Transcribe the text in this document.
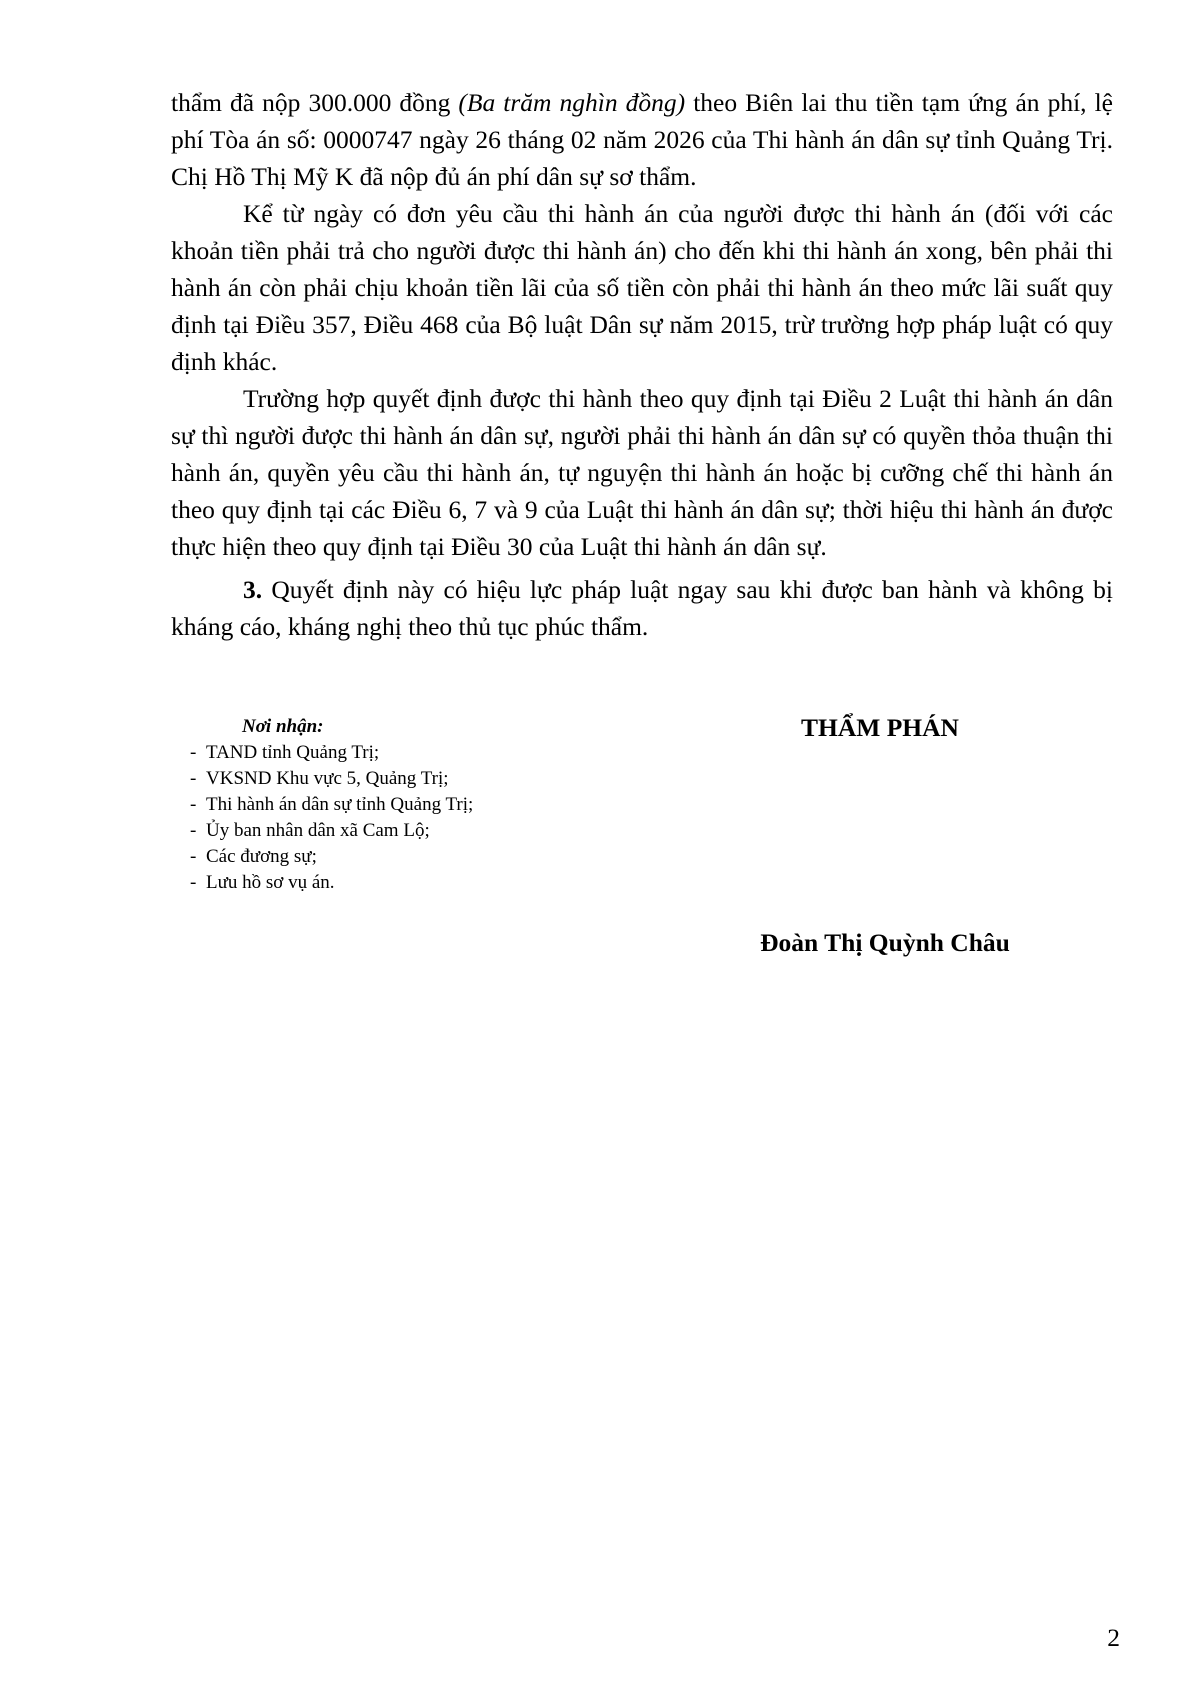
thẩm đã nộp 300.000 đồng (Ba trăm nghìn đồng) theo Biên lai thu tiền tạm ứng án phí, lệ phí Tòa án số: 0000747 ngày 26 tháng 02 năm 2026 của Thi hành án dân sự tỉnh Quảng Trị. Chị Hồ Thị Mỹ K đã nộp đủ án phí dân sự sơ thẩm.

Kể từ ngày có đơn yêu cầu thi hành án của người được thi hành án (đối với các khoản tiền phải trả cho người được thi hành án) cho đến khi thi hành án xong, bên phải thi hành án còn phải chịu khoản tiền lãi của số tiền còn phải thi hành án theo mức lãi suất quy định tại Điều 357, Điều 468 của Bộ luật Dân sự năm 2015, trừ trường hợp pháp luật có quy định khác.

Trường hợp quyết định được thi hành theo quy định tại Điều 2 Luật thi hành án dân sự thì người được thi hành án dân sự, người phải thi hành án dân sự có quyền thỏa thuận thi hành án, quyền yêu cầu thi hành án, tự nguyện thi hành án hoặc bị cưỡng chế thi hành án theo quy định tại các Điều 6, 7 và 9 của Luật thi hành án dân sự; thời hiệu thi hành án được thực hiện theo quy định tại Điều 30 của Luật thi hành án dân sự.

3. Quyết định này có hiệu lực pháp luật ngay sau khi được ban hành và không bị kháng cáo, kháng nghị theo thủ tục phúc thẩm.

Nơi nhận:
- TAND tỉnh Quảng Trị;
- VKSND Khu vực 5, Quảng Trị;
- Thi hành án dân sự tỉnh Quảng Trị;
- Ủy ban nhân dân xã Cam Lộ;
- Các đương sự;
- Lưu hồ sơ vụ án.
THẨM PHÁN
Đoàn Thị Quỳnh Châu
2
